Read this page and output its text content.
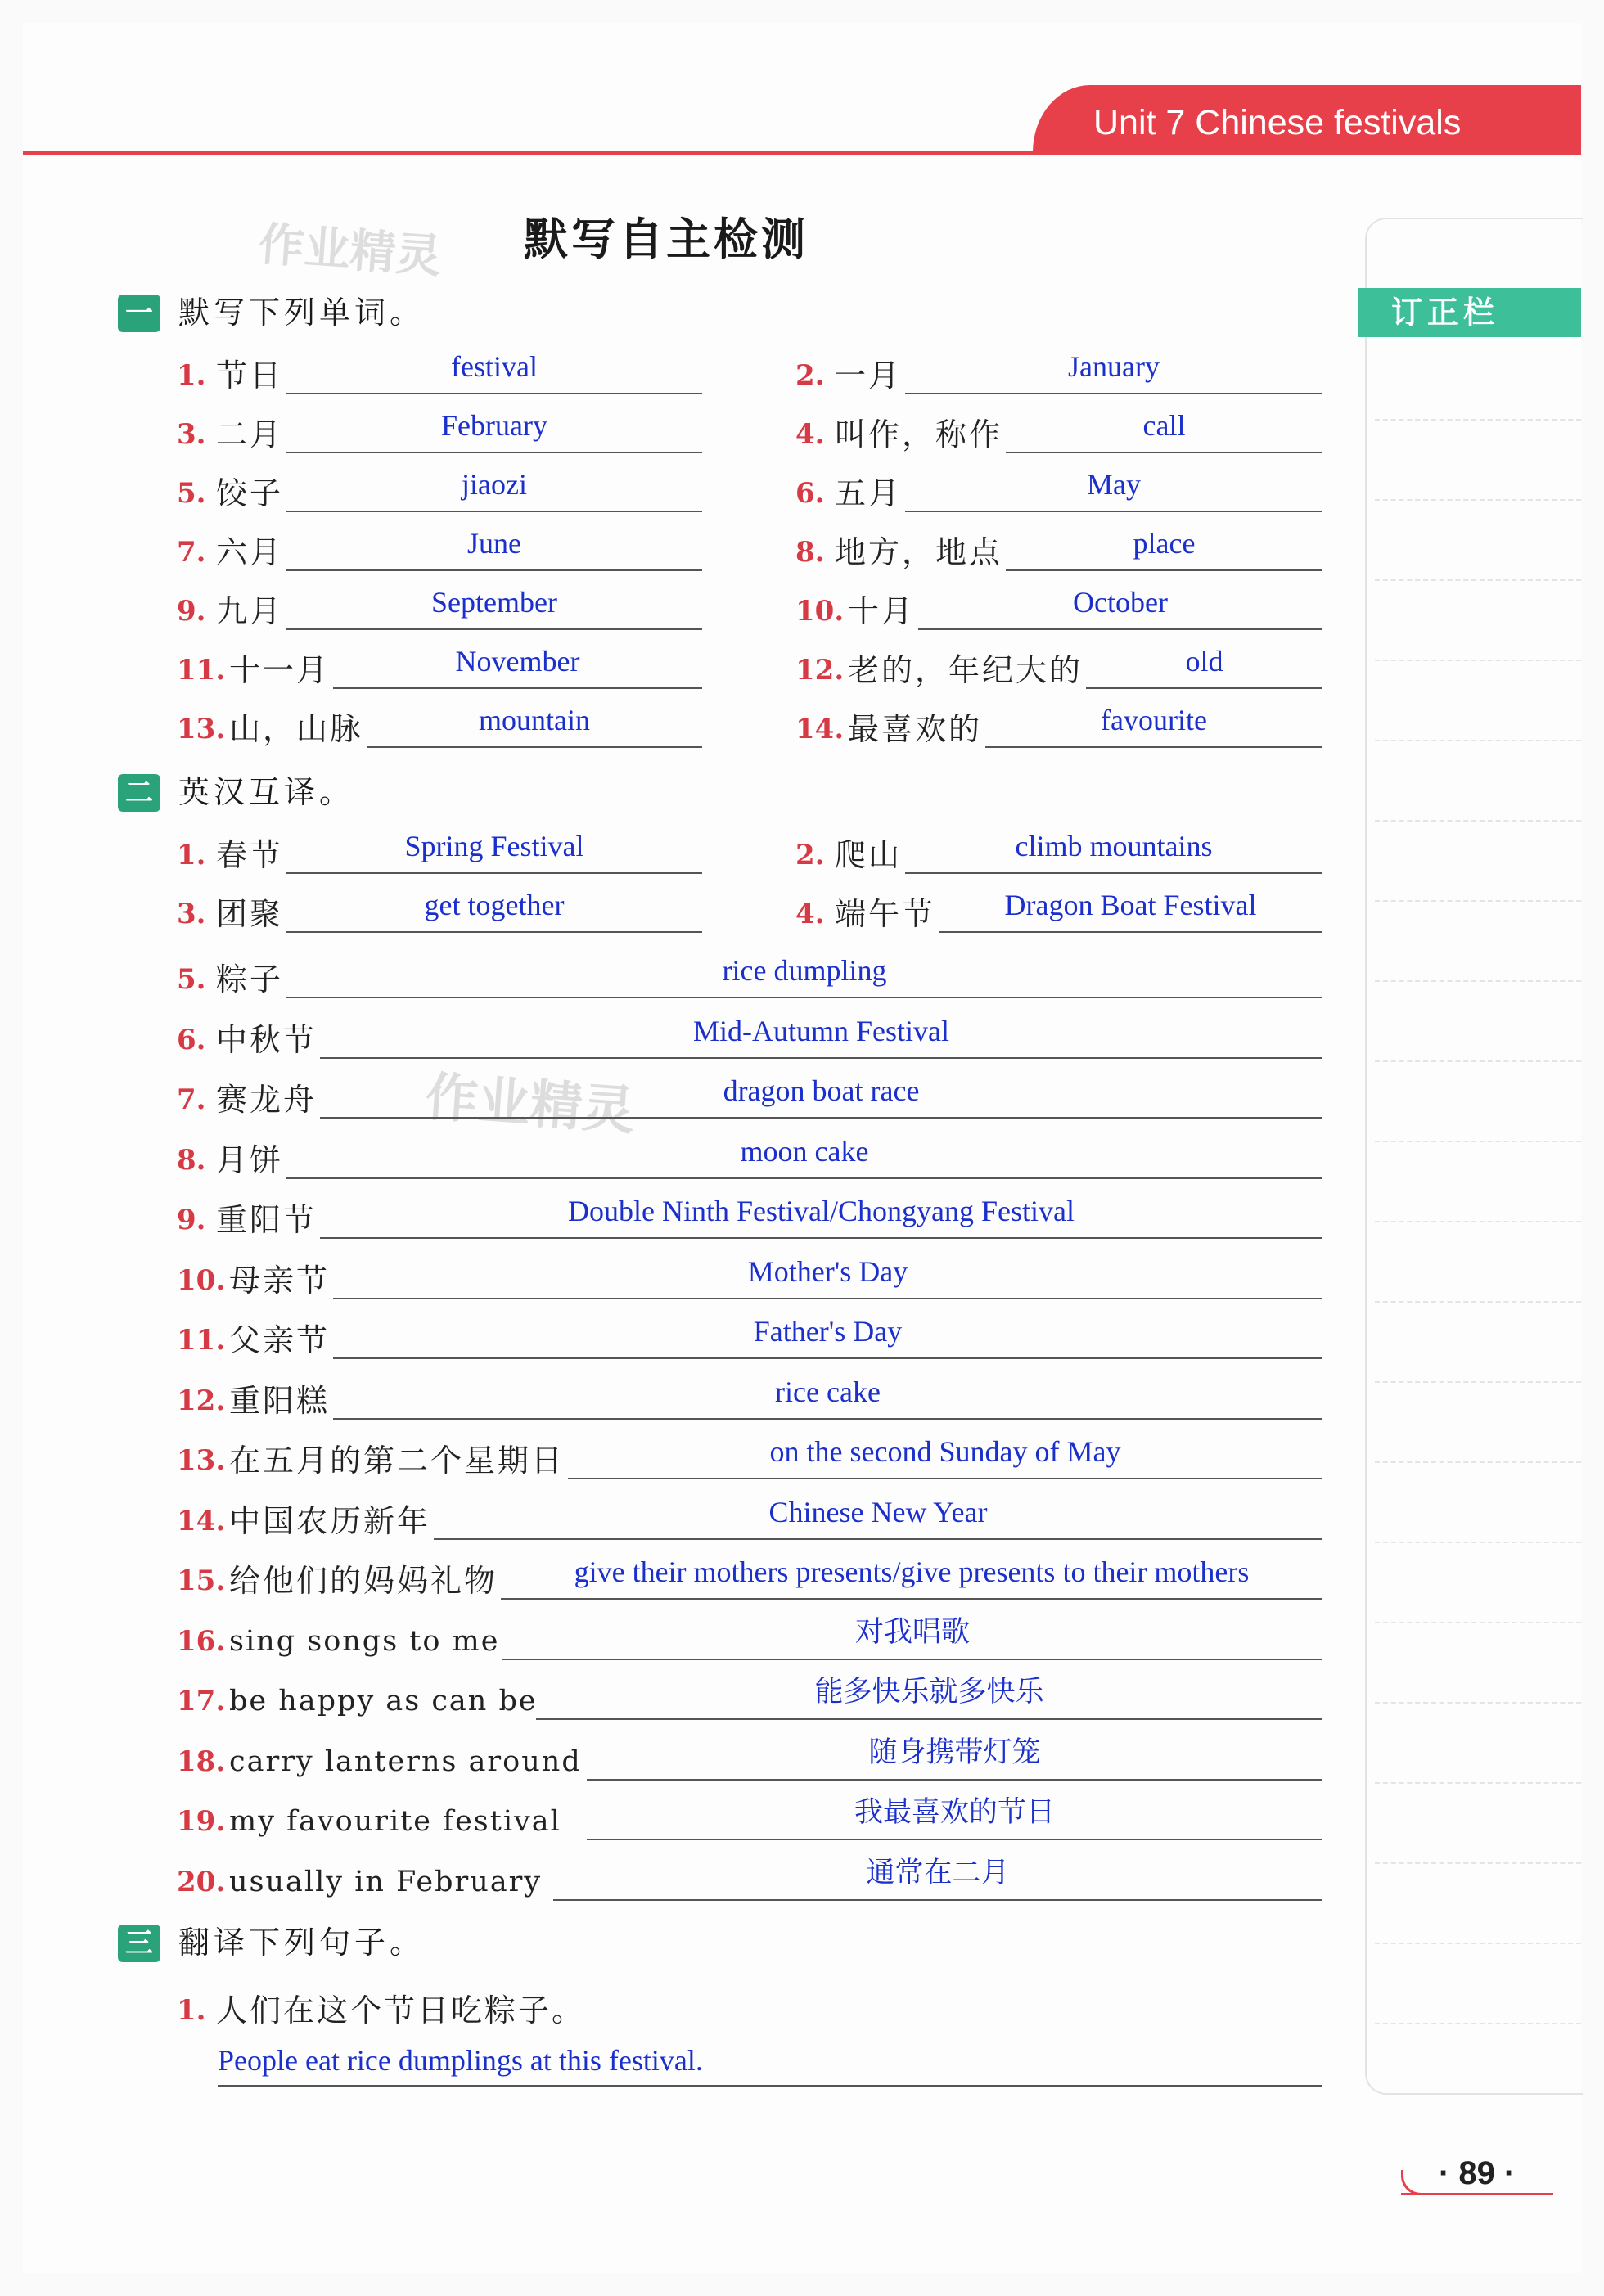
Unit 7 Chinese festivals
订正栏
作业精灵
作业精灵
默写自主检测
一 默写下列单词。
1. 节日	festival	2. 一月	January
3. 二月	February	4. 叫作，称作	call
5. 饺子	jiaozi	6. 五月	May
7. 六月	June	8. 地方，地点	place
9. 九月	September	10. 十月	October
11. 十一月	November	12. 老的，年纪大的	old
13. 山，山脉	mountain	14. 最喜欢的	favourite
二 英汉互译。
1. 春节	Spring Festival	2. 爬山	climb mountains
3. 团聚	get together	4. 端午节	Dragon Boat Festival
5. 粽子	rice dumpling
6. 中秋节	Mid-Autumn Festival
7. 赛龙舟	dragon boat race
8. 月饼	moon cake
9. 重阳节	Double Ninth Festival/Chongyang Festival
10. 母亲节	Mother's Day
11. 父亲节	Father's Day
12. 重阳糕	rice cake
13. 在五月的第二个星期日	on the second Sunday of May
14. 中国农历新年	Chinese New Year
15. 给他们的妈妈礼物	give their mothers presents/give presents to their mothers
16. sing songs to me	对我唱歌
17. be happy as can be	能多快乐就多快乐
18. carry lanterns around	随身携带灯笼
19. my favourite festival	我最喜欢的节日
20. usually in February	通常在二月
三 翻译下列句子。
1. 人们在这个节日吃粽子。
People eat rice dumplings at this festival.
· 89 ·
